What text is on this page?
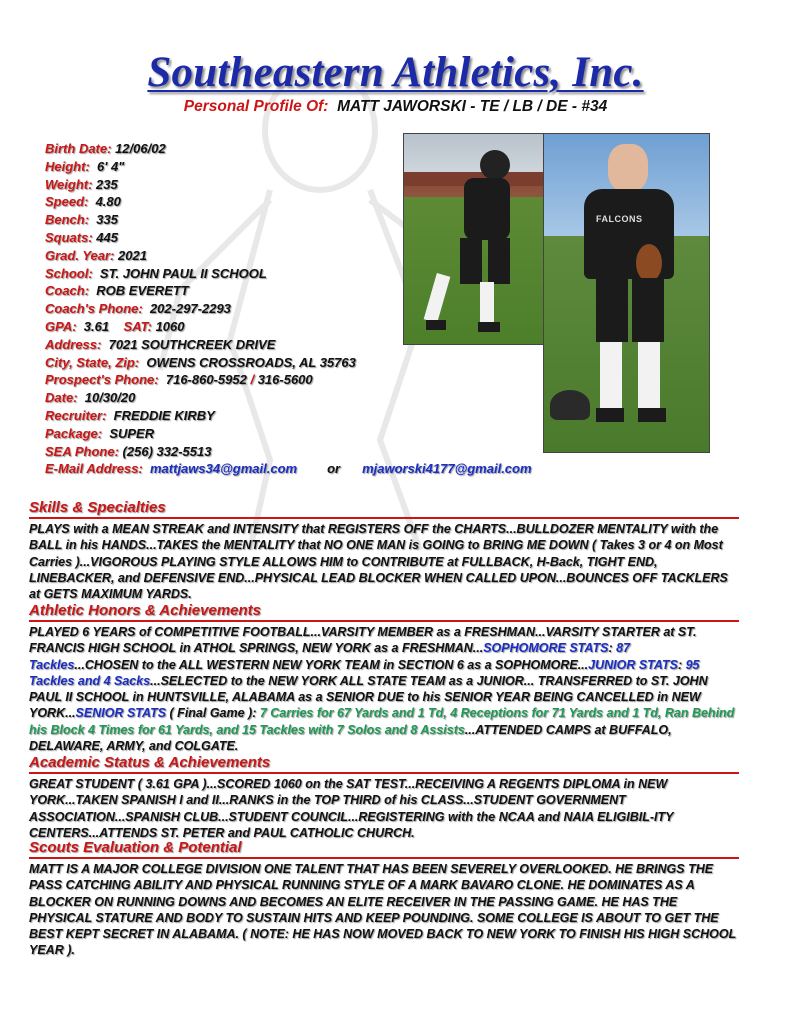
Southeastern Athletics, Inc.
Personal Profile Of: MATT JAWORSKI - TE / LB / DE - #34
Birth Date: 12/06/02
Height: 6' 4"
Weight: 235
Speed: 4.80
Bench: 335
Squats: 445
Grad. Year: 2021
School: ST. JOHN PAUL II SCHOOL
Coach: ROB EVERETT
Coach's Phone: 202-297-2293
GPA: 3.61 SAT: 1060
Address: 7021 SOUTHCREEK DRIVE
City, State, Zip: OWENS CROSSROADS, AL 35763
Prospect's Phone: 716-860-5952 / 316-5600
Date: 10/30/20
Recruiter: FREDDIE KIRBY
Package: SUPER
SEA Phone: (256) 332-5513
E-Mail Address: mattjaws34@gmail.com or mjaworski4177@gmail.com
FALCONS
Skills & Specialties
PLAYS with a MEAN STREAK and INTENSITY that REGISTERS OFF the CHARTS...BULLDOZER MENTALITY with the BALL in his HANDS...TAKES the MENTALITY that NO ONE MAN is GOING to BRING ME DOWN ( Takes 3 or 4 on Most Carries )...VIGOROUS PLAYING STYLE ALLOWS HIM to CONTRIBUTE at FULLBACK, H-Back, TIGHT END, LINEBACKER, and DEFENSIVE END...PHYSICAL LEAD BLOCKER WHEN CALLED UPON...BOUNCES OFF TACKLERS at GETS MAXIMUM YARDS.
Athletic Honors & Achievements
PLAYED 6 YEARS of COMPETITIVE FOOTBALL...VARSITY MEMBER as a FRESHMAN...VARSITY STARTER at ST. FRANCIS HIGH SCHOOL in ATHOL SPRINGS, NEW YORK as a FRESHMAN...SOPHOMORE STATS: 87 Tackles...CHOSEN to the ALL WESTERN NEW YORK TEAM in SECTION 6 as a SOPHOMORE...JUNIOR STATS: 95 Tackles and 4 Sacks...SELECTED to the NEW YORK ALL STATE TEAM as a JUNIOR... TRANSFERRED to ST. JOHN PAUL II SCHOOL in HUNTSVILLE, ALABAMA as a SENIOR DUE to his SENIOR YEAR BEING CANCELLED in NEW YORK...SENIOR STATS ( Final Game ): 7 Carries for 67 Yards and 1 Td, 4 Receptions for 71 Yards and 1 Td, Ran Behind his Block 4 Times for 61 Yards, and 15 Tackles with 7 Solos and 8 Assists...ATTENDED CAMPS at BUFFALO, DELAWARE, ARMY, and COLGATE.
Academic Status & Achievements
GREAT STUDENT ( 3.61 GPA )...SCORED 1060 on the SAT TEST...RECEIVING A REGENTS DIPLOMA in NEW YORK...TAKEN SPANISH I and II...RANKS in the TOP THIRD of his CLASS...STUDENT GOVERNMENT ASSOCIATION...SPANISH CLUB...STUDENT COUNCIL...REGISTERING with the NCAA and NAIA ELIGIBIL-ITY CENTERS...ATTENDS ST. PETER and PAUL CATHOLIC CHURCH.
Scouts Evaluation & Potential
MATT IS A MAJOR COLLEGE DIVISION ONE TALENT THAT HAS BEEN SEVERELY OVERLOOKED. HE BRINGS THE PASS CATCHING ABILITY AND PHYSICAL RUNNING STYLE OF A MARK BAVARO CLONE. HE DOMINATES AS A BLOCKER ON RUNNING DOWNS AND BECOMES AN ELITE RECEIVER IN THE PASSING GAME. HE HAS THE PHYSICAL STATURE AND BODY TO SUSTAIN HITS AND KEEP POUNDING. SOME COLLEGE IS ABOUT TO GET THE BEST KEPT SECRET IN ALABAMA. ( NOTE: HE HAS NOW MOVED BACK TO NEW YORK TO FINISH HIS HIGH SCHOOL YEAR ).
